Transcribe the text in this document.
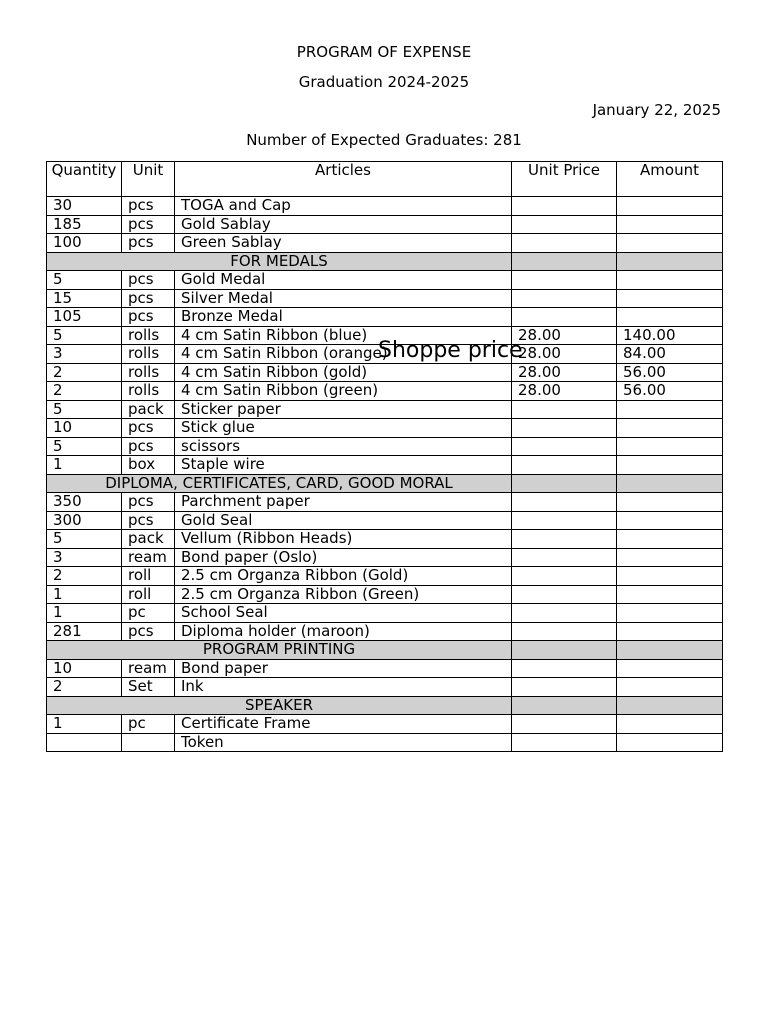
PROGRAM OF EXPENSE
Graduation 2024-2025
January 22, 2025
Number of Expected Graduates: 281
Quantity	Unit	Articles	Unit Price	Amount
30	pcs	TOGA and Cap		
185	pcs	Gold Sablay		
100	pcs	Green Sablay		
FOR MEDALS				
5	pcs	Gold Medal		
15	pcs	Silver Medal		
105	pcs	Bronze Medal		
5	rolls	4 cm Satin Ribbon (blue)	28.00	140.00
3	rolls	4 cm Satin Ribbon (orange)	28.00	84.00
2	rolls	4 cm Satin Ribbon (gold)	28.00	56.00
2	rolls	4 cm Satin Ribbon (green)	28.00	56.00
5	pack	Sticker paper		
10	pcs	Stick glue		
5	pcs	scissors		
1	box	Staple wire		
DIPLOMA, CERTIFICATES, CARD, GOOD MORAL				
350	pcs	Parchment paper		
300	pcs	Gold Seal		
5	pack	Vellum (Ribbon Heads)		
3	ream	Bond paper (Oslo)		
2	roll	2.5 cm Organza Ribbon (Gold)		
1	roll	2.5 cm Organza Ribbon (Green)		
1	pc	School Seal		
281	pcs	Diploma holder (maroon)		
PROGRAM PRINTING				
10	ream	Bond paper		
2	Set	Ink		
SPEAKER				
1	pc	Certificate Frame		
		Token		
Shoppe price
